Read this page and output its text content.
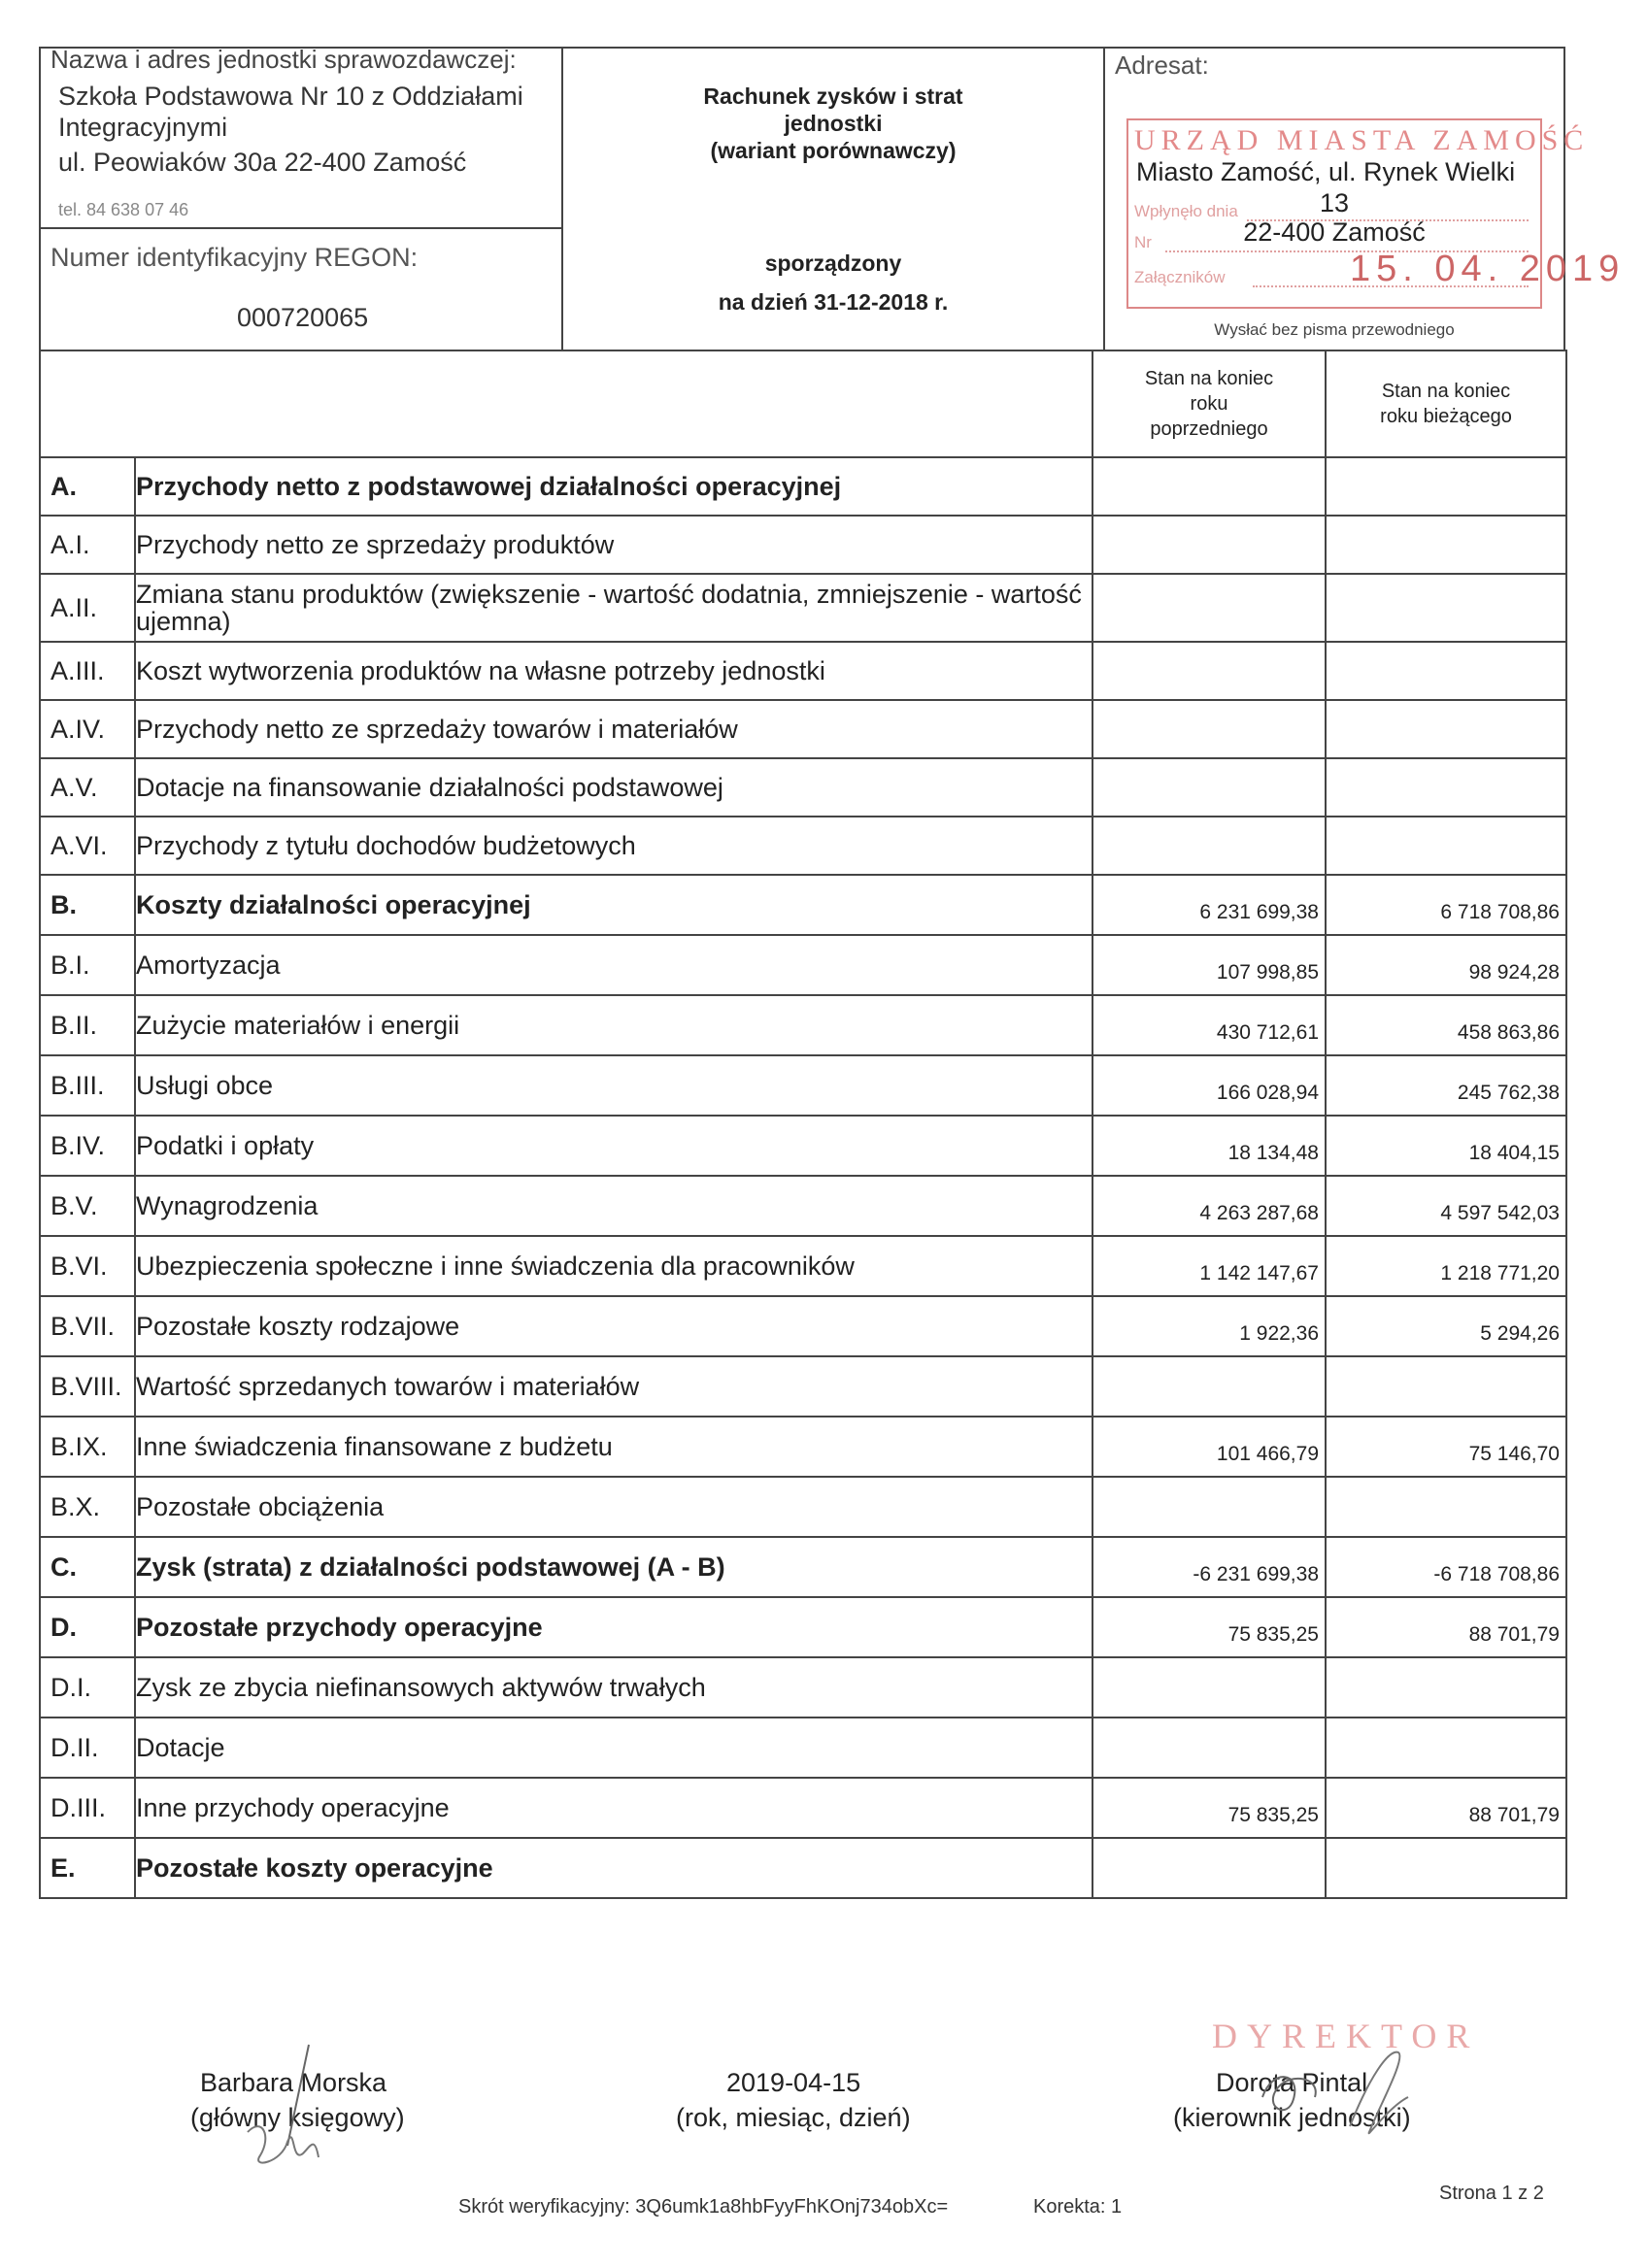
Nazwa i adres jednostki sprawozdawczej:
Szkoła Podstawowa Nr 10 z Oddziałami
Integracyjnymi
ul. Peowiaków 30a 22-400 Zamość
tel. 84 638 07 46
Numer identyfikacyjny REGON:
000720065
Rachunek zysków i strat
jednostki
(wariant porównawczy)
sporządzony
na dzień 31-12-2018 r.
Adresat:
URZĄD MIASTA ZAMOŚĆ
Wpłynęło dnia
Nr
Załączników	15. 04. 2019
Miasto Zamość, ul. Rynek Wielki
13
22-400 Zamość
Wysłać bez pisma przewodniego

		Stan na koniec roku poprzedniego	Stan na koniec roku bieżącego

A.	Przychody netto z podstawowej działalności operacyjnej		
A.I.	Przychody netto ze sprzedaży produktów		
A.II.	Zmiana stanu produktów (zwiększenie - wartość dodatnia, zmniejszenie - wartość ujemna)		
A.III.	Koszt wytworzenia produktów na własne potrzeby jednostki		
A.IV.	Przychody netto ze sprzedaży towarów i materiałów		
A.V.	Dotacje na finansowanie działalności podstawowej		
A.VI.	Przychody z tytułu dochodów budżetowych		
B.	Koszty działalności operacyjnej	6 231 699,38	6 718 708,86
B.I.	Amortyzacja	107 998,85	98 924,28
B.II.	Zużycie materiałów i energii	430 712,61	458 863,86
B.III.	Usługi obce	166 028,94	245 762,38
B.IV.	Podatki i opłaty	18 134,48	18 404,15
B.V.	Wynagrodzenia	4 263 287,68	4 597 542,03
B.VI.	Ubezpieczenia społeczne i inne świadczenia dla pracowników	1 142 147,67	1 218 771,20
B.VII.	Pozostałe koszty rodzajowe	1 922,36	5 294,26
B.VIII.	Wartość sprzedanych towarów i materiałów		
B.IX.	Inne świadczenia finansowane z budżetu	101 466,79	75 146,70
B.X.	Pozostałe obciążenia		
C.	Zysk (strata) z działalności podstawowej (A - B)	-6 231 699,38	-6 718 708,86
D.	Pozostałe przychody operacyjne	75 835,25	88 701,79
D.I.	Zysk ze zbycia niefinansowych aktywów trwałych		
D.II.	Dotacje		
D.III.	Inne przychody operacyjne	75 835,25	88 701,79
E.	Pozostałe koszty operacyjne		
Barbara Morska
(główny księgowy)
2019-04-15
(rok, miesiąc, dzień)
DYREKTOR
Dorota Pintal
(kierownik jednostki)
Skrót weryfikacyjny: 3Q6umk1a8hbFyyFhKOnj734obXc=	Korekta: 1
Strona 1 z 2
